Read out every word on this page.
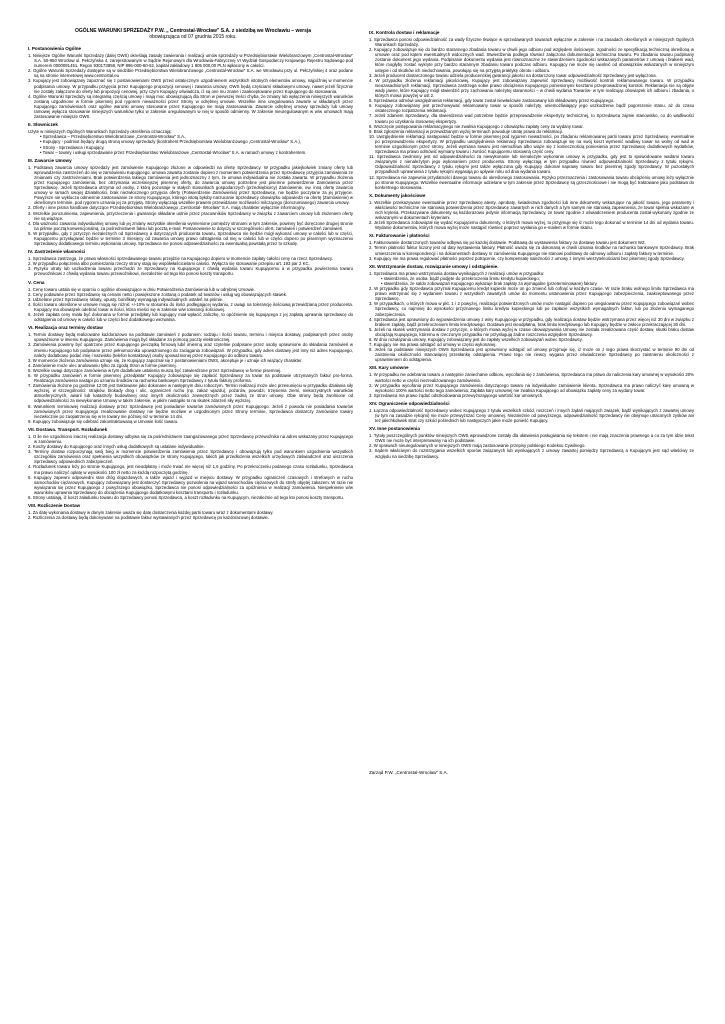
OGÓLNE WARUNKI SPRZEDAŻY P.W. „ Centrostal-Wrocław” S.A. z siedzibą we Wrocławiu – wersja
obowiązująca od 07 grudnia 2015 roku.
I. Postanowienia Ogólne

1. Niniejsze Ogólne Warunki Sprzedaży (dalej OWS) określają zasady zawierania i realizacji umów sprzedaży w Przedsiębiorstwie Wielobranżowym „Centrostal-Wrocław” S.A. 50-950 Wrocław ul. Pełczyńska 4, zarejestrowanym w Sądzie Rejonowym dla Wrocławia-Fabrycznej VI Wydział Gospodarczy Krajowego Rejestru Sądowego pod numerem 0000091451, Regon 930173858, NIP 896-000-60-52, kapitał zakładowy 1 805 000,00 PLN wpłacony w całości.

2. Ogólne Warunki Sprzedaży dostępne są w siedzibie Przedsiębiorstwa Wielobranżowego „Centrostal-Wrocław” S.A. we Wrocławiu przy ul. Pełczyńskiej 4 oraz podane są na stronie internetowej www.centrostal.eu

3. Kupujący jest zobowiązany zapoznać się z postanowieniami OWS przed ostatecznym uzgodnieniem wszystkich istotnych elementów umowy, najpóźniej w momencie podpisania umowy. W przypadku przyjęcia przez Kupującego propozycji cenowej i zawarcia umowy, OWS będą częściami składowymi umowy, nawet jeżeli fizycznie nie zostały załączone do oferty lub propozycji cenowej, przy czym Kupujący oświadcza, iż są one mu znane i zaakceptowane przez Kupującego do stosowania.

4. Ogólne Warunki Sprzedaży są integralną częścią umowy i mają moc obowiązującą dla Stron w pierwszej treści chyba, że zmiany lub wyłączenia niniejszych warunków zostaną uzgodnione w formie pisemnej pod rygorem nieważności przez Strony w odrębnej umowie. Wszelkie inne uregulowania zawarte w składanych przez Kupującego zamówieniach oraz ogólne warunki umowy stosowane przez Kupującego nie mają zastosowania. Zawarcie odrębnej umowy sprzedaży lub umowy ramowej wyłącza stosowanie niniejszych warunków tylko w zakresie uregulowanym w niej w sposób odmienny. W zakresie nieuregulowanym w w/w umowach mają zastosowanie niniejsze OWS.

II. Słowniczek

Użyte w niniejszych Ogólnych Warunkach Sprzedaży określenia oznaczają:

• Sprzedawca – Przedsiębiorstwo Wielobranżowe „Centrostal-Wrocław” S.A.,

• Kupujący - podmiot będący drugą stroną umowy sprzedaży (kontrahent Przedsiębiorstwa Wielobranżowego „Centrostal-Wrocław” S.A.),

• Strony - Sprzedawca i Kupujący,

• Towar – towary i usługi sprzedawane przez Przedsiębiorstwo Wielobranżowe „Centrostal-Wrocław” S.A. w ramach umowy z kontrahentem.

III. Zawarcie Umowy

1. Podstawą zawarcia umowy sprzedaży jest zamówienie Kupującego złożone w odpowiedzi na ofertę Sprzedawcy. W przypadku jakiejkolwiek zmiany oferty lub wprowadzenia zastrzeżeń do niej w zamówieniu Kupującego, umowa zawarta zostanie dopiero z momentem potwierdzenia przez Sprzedawcę przyjęcia zamówienia ze zmianami czy zastrzeżeniami. Brak potwierdzenia takiego zamówienia jest jednoznaczny z tym, że umowa indywidualna nie została zawarta. W przypadku złożenia przez Kupującego zamówienia, bez otrzymania wcześniejszej pisemnej oferty, do zawarcia umowy potrzebne jest pisemne potwierdzenie Zamówienia przez Sprzedawcę. Jeżeli Sprzedawca otrzyma od osoby, z którą pozostaje w stałych stosunkach gospodarczych (przedsiębiorcy) Zamówienie, ew. inną ofertę zawarcia umowy w ramach swojej działalności, brak niezwłocznego przyjęcia oferty (Potwierdzenie Zamówienia) przez Sprzedawcę, nie będzie poczytane za jej przyjęcie. Powyższe nie wyklucza odmiennie zastosowanie ze strony Kupującego, którego istotą byłoby narzucanie Sprzedawcy obowiązku odpowiedzi na ofertę (Zamówienie) w określonym terminie, pod rygorem uznania jej za przyjętą. Strony wyłączają wszelkie prawem przewidziane możliwości milczącego (dorozumianego) zawarcia umowy.

2. Oferty i inne pisma handlowe dotyczące Przedsiębiorstwa Wielobranżowego „Centrostal- Wrocław” S.A. mają charakter wyłącznie informacyjny.

3. Wszelkie porozumienia, zapewnienia, przyrzeczenia i gwarancje składane ustnie przez pracowników Sprzedawcy w związku z zawarciem umowy lub złożeniem oferty nie są wiążące.

4. Dla ważności zawarcia indywidualnej umowy lub jej zmiany wszystkie określenia wymienione pomiędzy stronami w tym zakresie, powinny być doręczone drugiej stronie na piśmie pocztą konwencjonalną, za pośrednictwem faksu lub pocztą e-mail. Postanowienie to dotyczy w szczególności ofert, zamówień i potwierdzeń zamówień.

5. W przypadku, gdy z przyczyn niezależnych od Sprzedawcy a dotyczących producenta towaru, Sprzedawca nie będzie mógł wykonać umowy w całości lub w części, Kupującemu przysługiwać będzie w terminie 3 miesięcy od zawarcia umowy prawo odstąpienia od niej w całości lub w części dopiero po pisemnym wyznaczeniu Sprzedawcy dodatkowego terminu wykonania umowy. Sprzedawca nie ponosi odpowiedzialności za ewentualną powstałą przez to szkodę.

IV. Zastrzeżenie własności

1. Sprzedawca zastrzega, że prawo własności sprzedawanego towaru przejdzie na Kupującego dopiero w momencie zapłaty całości ceny na rzecz Sprzedawcy.

2. W przypadku połączenia albo pomieszania rzeczy strony stają się współwłaścicielami całości. Wyłącza się stosowanie przepisu art. 193 par 2 KC.

3. Ryzyko utraty lub uszkodzenia towaru przechodzi ze Sprzedawcy na Kupującego z chwilą wydania towaru Kupującemu a w przypadku powierzenia towaru przewoźnikowi z chwilą wydania towaru przewoźnikowi, niezależnie od tego kto ponosi koszty transportu.

V. Cena

1. Cenę towaru ustala się w oparciu o ogólnie obowiązujące w dniu Potwierdzenia Zamówienia lub w odrębnej Umowie.

2. Ceny podawane przez Sprzedawcę są cenami netto i powiększone zostaną o podatek od towarów i usług wg obowiązujących stawek.

3. Udzielane przez Sprzedawcę rabaty, upusty, bonifikaty wymagają indywidualnych ustaleń na piśmie.

4. Ilości towaru określone w umowie mogą się różnić +/-10% w stosunku do ilości podlegającej wydaniu, z uwagi na tolerancję ilościową przewidzianą przez producenta. Kupujący ma obowiązek odebrać towar w ilości, która mieści się w zakresie w/w tolerancji ilościowej.

5. Jeżeli zapłata ceny miała być dokonana w formie przedpłaty lub kupujący miał wpłacić zaliczkę, to opóźnienie się kupującego z jej zapłatą uprawnia sprzedawcę do odstąpienia od umowy w całości lub w części bez dodatkowego wezwania.

VI. Realizacja oraz terminy dostaw

1. Termin dostawy będą realizowane każdorazowo na podstawie zamówień z podaniem: rodzaju i ilości towaru, terminu i miejsca dostawy, podpisanych przez osoby upoważnione w imieniu Kupującego. Zamówienia mogą być składane za pomocą poczty elektronicznej.

2. Zamówienia powinny być opatrzone przez Kupującego pieczątką firmową lub/i imienną oraz czytelnie podpisane przez osoby uprawnione do składania zamówień w imieniu Kupującego lub podpisane przez pełnomocnika upoważnionego do zaciągania zobowiązań. W przypadku, gdy adres dostawy jest inny niż adres Kupującego, należy dodatkowo podać imię i nazwisko (telefon kontaktowy) osoby upoważnionej przez Kupującego do odbioru towaru.

3. W momencie złożenia zamówienia uznaje się, że Kupujący zapoznał się z postanowieniami OWS, akceptuje je i uznaje ich wiążący charakter.

4. Zamówienie może ulec anulowaniu tylko za zgodą Stron w formie pisemnej.

5. Wszelkie uwagi dotyczące zamówienia w tym dodatkowe ustalenia muszą być zatwierdzone przez Sprzedawcę w formie pisemnej.

6. W przypadku zamówień w formie pisemnej „przedpłata” Kupujący zobowiązuje się zapłacić Sprzedawcy za towar na podstawie otrzymanych faktur pro-forma. Realizacja zamówienia nastąpi po uznaniu środków na rachunku bankowym Sprzedawcy z tytułu faktury proforma.

7. Zamówienia złożone po godzinie 12:00 jest traktowane jako dokonane w następnym dniu roboczym. Termin realizacji może ulec przesunięciu w przypadku działania siły wyższej, w szczególności: strajków, blokady drog i ulic, ograniczeń ruchu (np. zakaz wjazdu), pożarów, powodzi, trzęsienia ziemi, niekorzystnych warunków atmosferycznych, awarii lub katastrofy budowlanej oraz innych okoliczności zewnętrznych przez żadną ze stron umowy. Obie strony będą zwolnione od odpowiedzialności za niewykonanie Umowy w takim zakresie, w jakim nastąpiło to na skutek zdarzeń siły wyższej.

8. Warunkiem terminowej realizacji dostawy przez Sprzedawcę jest posiadanie towarów zamówionych przez Kupującego. Jeżeli z powodu nie posiadania towarów zamówionych przez Kupującego zrealizowanie dostawy nie będzie możliwe w uzgodnionym przez Strony terminie, Sprzedawca dostarczy zamówione towary niezwłocznie po zaopatrzeniu się w te towary nie później niż w terminie 14 dni.

9. Kupujący zobowiązuje się odebrać zakontraktowaną w Umowie ilość towaru.

VII. Dostawa. Transport. Rozładunek

1. O ile nie uzgodniono inaczej realizacja dostawy odbywa się za pośrednictwem zaangażowanego przez Sprzedawcę przewoźnika na adres wskazany przez Kupującego w zamówieniu.

2. Koszty dostawy do Kupującego oraz innych usług dodatkowych są ustalane indywidualnie.

3. Terminy dostaw rozpoczynają swój bieg w momencie potwierdzenia zamówienia przez Sprzedawcę i obowiązują tylko pod warunkiem uzgodnienia wszystkich szczegółów zamówienia oraz spełnienia wszystkich obowiązków ze strony Kupującego, takich jak przedłożenia wszelkich urzędowych zaświadczeń oraz uiszczenia Sprzedawcy odpowiednich zabezpieczeń.

4. Rozładunek towaru leży po stronie Kupującego, jest nieodpłatny i może trwać nie więcej niż 1,5 godziny. Po przekroczeniu podanego czasu rozładunku, Sprzedawca ma prawo naliczyć opłatę w wysokości 100 zł netto za każdą rozpoczętą godzinę.

5. Kupujący zapewni odpowiedni stan dróg dojazdowych, a także wjazd i wyjazd w miejscu dostawy. W przypadku ograniczeń czasowych i strefowych w ruchu samochodów ciężarowych, Kupujący zobowiązany jest dostarczyć Sprzedawcy pozwolenia na wjazd samochodów ciężarowych do strefy objętej zakazem. W razie nie wywiązania się przez Kupującego z powyższego obowiązku, Sprzedawca nie ponosi odpowiedzialności za opóźnienia w realizacji zamówienia. Niespełnienie w/w warunków uprawnia Sprzedawcę do obciążenia Kupującego dodatkowymi kosztami transportu i rozładunku.

6. Strony ustalają, iż koszt załadunku towaru do Sprzedawcy ponosi Sprzedawca, a koszt rozładunku na Kupującym, niezależnie od tego kto ponosi koszty transportu.

VIII. Rozliczenie Dostaw

1. Za datę wykonania dostawy w danym zakresie uważa się datę dostarczenia każdej partii towaru wraz z dokumentami dostawy.

2. Rozliczenia za dostawy będą dokonywane na podstawie faktur wystawianych przez Sprzedawcę po każdorazowej dostawie.

IX. Kontrola dostaw i reklamacje

1. Sprzedawca ponosi odpowiedzialność za wady fizyczne tkwiące w sprzedawanych towarach wyłącznie w zakresie i na zasadach określonych w niniejszych Ogólnych Warunkach Sprzedaży.

2. Kupujący zobowiązuje się do bardzo starannego zbadania towaru w chwili jego odbioru pod względem ilościowym, zgodności ze specyfikacją techniczną określoną w umowie oraz pod kątem ewentualnych widocznych wad. Stwierdzenia podlega również załączona dokumentacja techniczna towaru. Po zbadaniu towaru podpisany zostanie dokument jego wydania. Podpisanie dokumentu wydania jest równoznaczne ze stwierdzeniem zgodności wskazanych parametrów z umową i brakiem wad, które mogłyby zostać wykryte przy bardzo starannym zbadaniu towaru podczas odbioru. Kupujący nie może się uwolnić od obowiązków wskazanych w niniejszym ustępie i od skutków ich niedochowania, powołując się na przyjętą praktykę obrotu i odbioru.

3. Jeżeli producent dostarczonego towaru udziela producenckiej gwarancji jakości na dostarczony towar odpowiedzialność Sprzedawcy jest wyłączona.

4. W przypadku złożenia reklamacji jakościowej, Kupujący jest zobowiązany zapewnić Sprzedawcy możliwość kontroli reklamowanego towaru. W przypadku nieuzasadnionych reklamacji, Sprzedawca zastrzega sobie prawo obciążenia Kupującego poniesionymi kosztami przeprowadzonej kontroli. Reklamacja nie są objęte wady jawne, które Kupujący mógł stwierdzić przy zachowaniu należytej staranności – w chwili wydania Towarów- w tym realizując obowiązek ich odbioru i zbadania, o których mowa powyżej w ust 2.

5. Sprzedawca odmówi uwzględnienia reklamacji, gdy towar został niewłaściwie zastosowany lub składowany przez Kupującego.

6. Kupujący zobowiązany jest przechowywać reklamowany towar w sposób należyty, uniemożliwiający jego uszkodzenie bądź pogorszenie stanu, aż do czasu ostatecznego rozpatrzenia reklamacji.

7. Jeżeli zdaniem Sprzedawcy, dla stwierdzenia wad potrzebne będzie przeprowadzenie ekspertyzy technicznej, to Sprzedawca zajmie stanowisko, co do wadliwości towaru po uzyskaniu stosownej ekspertyzy.

8. Wszczęcie postępowania reklamacyjnego nie zwalnia Kupującego z obowiązku zapłaty ceny za wydany towar.

9. Brak zgłoszenia reklamacji w przewidzianym wyżej terminach powoduje utratę prawa do reklamacji.

10. Uwzględnienie reklamacji następować będzie w formie pisemnej pod rygorem nieważności, po zbadaniu reklamowanej partii towaru przez Sprzedawcę, ewentualnie po przeprowadzeniu ekspertyzy. W przypadku uwzględnienia reklamacji Sprzedawca zobowiązuje się na swój koszt wymienić wadliwy towar na wolny od wad w terminie uzgodnionym przez strony. Jeżeli wymiana towaru jest niemożliwa albo wiąże się z koniecznością poniesienia przez Sprzedawcę dodatkowych wydatków, Sprzedawca ma prawo odmówić wymiany towaru i zwrócić Kupującemu stosowną część ceny.

11. Sprzedawca zwolniony jest od odpowiedzialności za niewykonanie lub nienależyte wykonanie umowy w przypadku, gdy jest to spowodowane wadami towaru związanymi z nienależytym jego wykonaniem przez producenta. Strony wyłączają w tym przypadku również odpowiedzialność Sprzedawcy z tytułu rękojmi. Odpowiedzialność Sprzedawcy z tytułu rękojmi jest także wyłączona gdy Kupujący dokonał naprawy towaru bez pisemnej zgody Sprzedawcy. W pozostałych przypadkach uprawnienia z tytułu rękojmi wygasają po upływie roku od dnia wydania towaru.

12. Sprzedawca nie zapewnia przydatności danego towaru do określonego zastosowania. Ryzyko przeznaczenia i zastosowania towaru obciążeniu umowy leży wyłącznie po stronie Kupującego. Wszelkie ewentualne informacje udzielane w tym zakresie przez Sprzedawcę są grzecznościowe i nie mogą być traktowane jako podstawa do konkretnego stosowania.

X. Dokumenty jakościowe

1. Wszelkie przekazywane ewentualnie przez Sprzedawcę atesty, aprobaty, świadectwa zgodności lub inne dokumenty wskazujące na jakość towaru, jego parametry i właściwości techniczne nie stanowią potwierdzenia przez Sprzedawcę zawartych w nich danych a tym samym nie stanowią zapewnienia, że towar spełnia wskazane w nich kryteria. Przekazywane dokumenty są każdorazowo jedynie informacją Sprzedawcy, że towar zgodnie z oświadczeniem producenta został wykonany zgodnie ze wskazanymi w dokumentach kryteriami.

2. Jeżeli Sprzedawca zobowiązał się wydać Kupującemu dokumenty, o których mowa wyżej, to przyjmuje się iż może tego dokonać w terminie 14 dni od wydania towaru. Wydanie dokumentów, których mowa wyżej może nastąpić również poprzez wysłania go e-mailem w formie skanu.

XI. Fakturowanie i płatności

1. Fakturowanie dostarczonych towarów odbywa się po każdej dostawie. Podstawą do wystawienia faktury za dostawę towaru jest dokument WZ.

2. Termin płatności faktur liczony jest od daty wystawienia faktury. Płatność uważa się za dokonaną w chwili uznania środków na rachunku bankowym Sprzedawcy. Brak umieszczenia w korespondencji i na dokumentach dostawy nr zamówienia Kupującego nie stanowi podstawy do odmowy odbioru i zapłaty faktury w terminie.

3. Kupujący nie ma prawa regulować płatności poprzez potrącenie, czy kompensatę należności z umowy z innymi wierzytelnościami bez pisemnej zgody Sprzedawcy.

XII. Wstrzymanie dostaw, rozwiązanie umowy i odstąpienie.

1. Sprzedawca ma prawo wstrzymania dostaw wynikających z realizacji umów w przypadku:

• stwierdzenia, że osoba, bądź podjęte do przekroczenia limitu kredytu kupieckiego;

• stwierdzenia, że saldo zobowiązań Kupującego wykazuje brak zapłaty za wymagalne (przeterminowane) faktury.

2. W przypadku gdy Sprzedawca przyznał Kupującemu kredyt kupiecki może on go zmienić lub cofnąć w każdym czasie. W razie braku wolnego limitu Sprzedawca ma prawo wstrzymać się z wydaniem towaru z wszystkich zawartych umów do momentu ustanowienia przez Kupującego zabezpieczenia, zaakceptowanego przez Sprzedawcę.

3. W przypadkach, o których mowa w pkt. 1 i 2 powyżej, realizacja potwierdzonych umów może nastąpić dopiero po uregulowaniu przez Kupującego zobowiązań wobec Sprzedawcy, co najmniej do wysokości przyznanego limitu kredytu kupieckiego lub po zapłacie wszystkich wymagalnych faktur, lub po złożeniu wymaganego zabezpieczenia.

4. Sprzedawca jest uprawniony do wypowiedzenia umowy z winy Kupującego w przypadku, gdy realizacja dostaw będzie wstrzymana przez więcej niż 30 dni w związku z brakiem zapłaty, bądź przekroczeniem limitu kredytowego. Dostawa jest nieodpłatna, brak limitu kredytowego lub Kupujący będzie w zwłoce przekraczającej 30 dni.

5. Jeżeli na skutek wstrzymania dostaw z przyczyn, o których mowa wyżej w czasie obowiązywania Umowy nie została zrealizowana część dostaw, skutki braku dostaw obciążają Kupującego, któremu w rzeczonym przypadku nie przysługują żadne roszczenia względem Sprzedawcy.

6. W dniu rozwiązania umowy, Kupujący zobowiązany jest do zapłaty wszelkich zobowiązań wobec Sprzedawcy.

7. Kupujący nie ma prawa odstąpić od umowy w części wykonanej.

8. Jeżeli na podstawie niniejszych OWS Sprzedawca jest uprawniony odstąpić od umowy przyjmuje się, iż może on z tego prawa skorzystać w terminie 90 dni od zaistnienia okoliczności stanowiącej przesłankę odstąpienia. Prawo tego nie riewcy wygasa przez oświadczenie Sprzedawcy po zaistnieniu okoliczności z uprawnieniem do odstąpienia.

XIII. Kary umowne

1. W przypadku nie odebrania towaru a następnie zaniechanie odbioru, wycofania się z zamówienia, Sprzedawca ma prawo do naliczenia kary umownej w wysokości 20% wartości netto w części niezrealizowanego zamówienia.

2. W przypadku wycofania przez Kupującego zamówienia dotyczącego towaru na indywidualne zamówienie klienta, Sprzedawca ma prawo naliczyć karę umowną w wysokości 100% wartości netto tego zamówienia. Zapłata kary umownej nie zwalnia Kupującego od obowiązku zapłaty ceny za wydany towar.

3. Sprzedawca ma prawo żądać odszkodowania przewyższającego wartość kar umownych.

XIV. Ograniczenie odpowiedzialności

1. Łączna odpowiedzialność Sprzedawcy wobec Kupującego z tytułu wszelkich szkód, roszczeń i innych żądań mających związek, bądź wynikających z zawartej umowy (w tym na zasadzie rękojmi) nie może przewyższać Ceny umownej. Niezależnie od powyższego, odpowiedzialność Sprzedawcy nie obejmuje utraconych zysków ani też jakichkolwiek strat czy szkód pośrednich lub następczych jakie może ponieść Kupujący.

XV. Inne postanowienia

1. Tytuły poszczególnych punktów niniejszych OWS wprowadzone zostały dla ułatwienia posługiwania się tekstem i nie mają znaczenia prawnego a co za tym idzie tekst OWS nie może być interpretowany na ich podstawie.

2. W sprawach nieuregulowanych w niniejszych OWS mają zastosowanie przepisy polskiego Kodeksu Cywilnego.

3. Sądem właściwym do rozstrzygania wszelkich sporów związanych lub wynikających z umowy zawartej pomiędzy Sprzedawcą a Kupującym jest sąd właściwy ze względu na siedzibę Sprzedawcy.

Zarząd P.W. „Centrostal-Wrocław” S.A.
